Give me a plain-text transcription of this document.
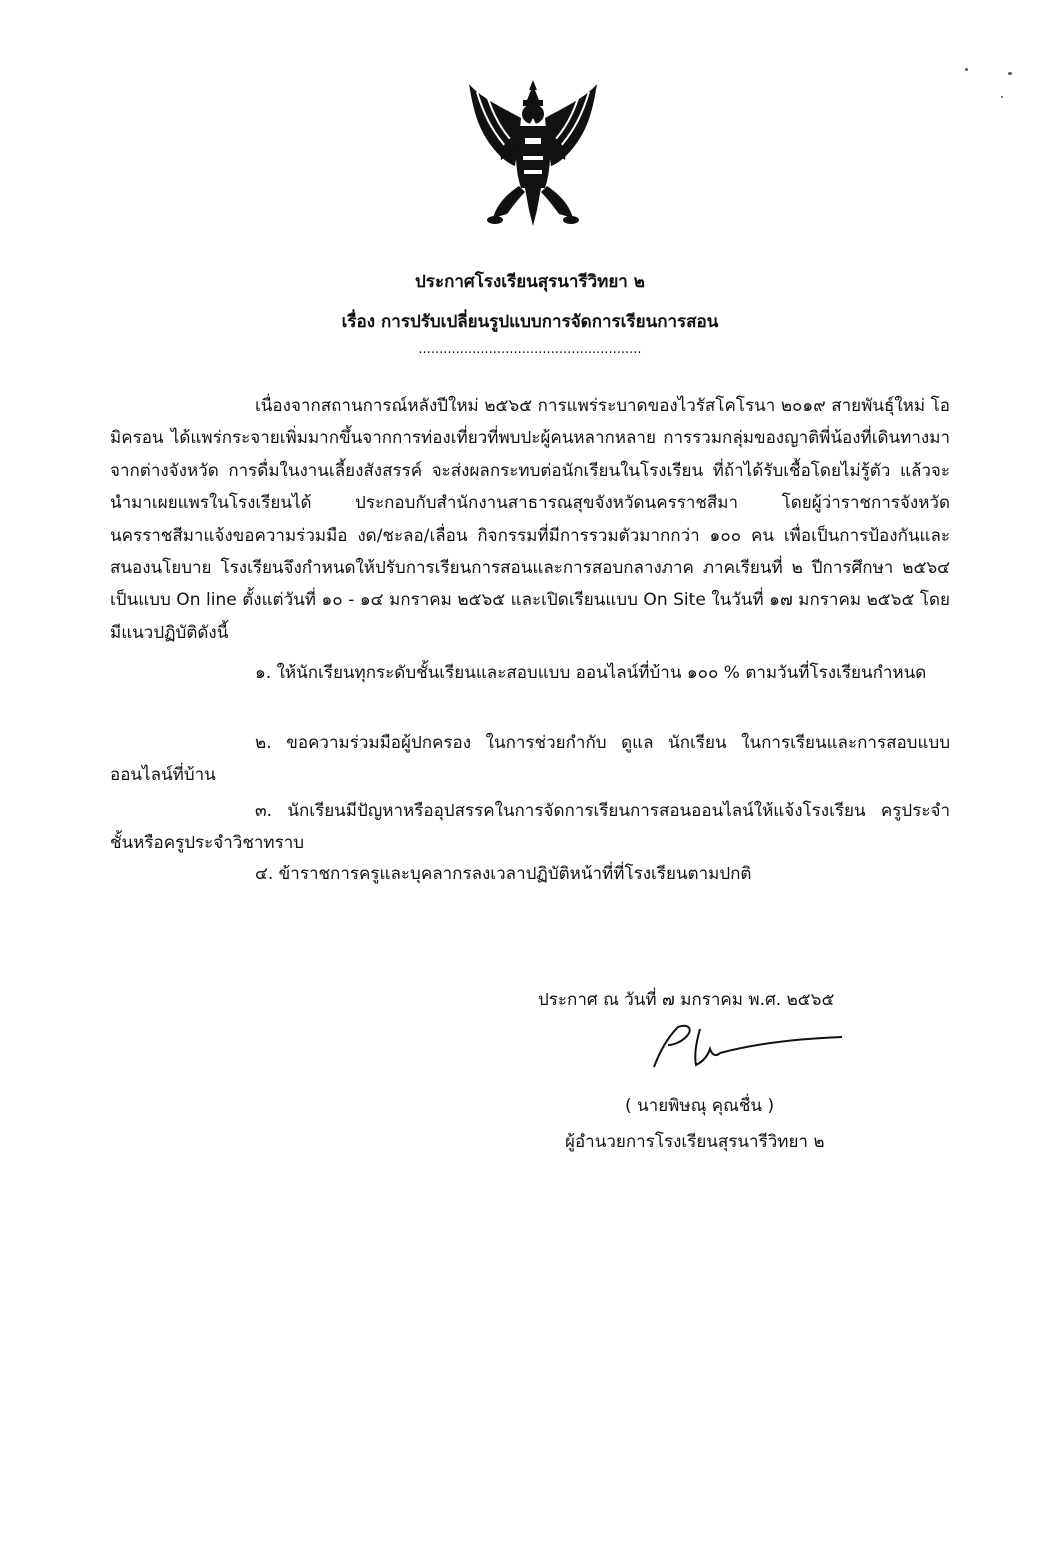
ประกาศโรงเรียนสุรนารีวิทยา ๒
เรื่อง การปรับเปลี่ยนรูปแบบการจัดการเรียนการสอน
......................................................
เนื่องจากสถานการณ์หลังปีใหม่ ๒๕๖๕ การแพร่ระบาดของไวรัสโคโรนา ๒๐๑๙ สายพันธุ์ใหม่ โอมิครอน ได้แพร่กระจายเพิ่มมากขึ้นจากการท่องเที่ยวที่พบปะผู้คนหลากหลาย การรวมกลุ่มของญาติพี่น้องที่เดินทางมาจากต่างจังหวัด การดื่มในงานเลี้ยงสังสรรค์ จะส่งผลกระทบต่อนักเรียนในโรงเรียน ที่ถ้าได้รับเชื้อโดยไม่รู้ตัว แล้วจะนำมาเผยแพรในโรงเรียนได้ ประกอบกับสำนักงานสาธารณสุขจังหวัดนครราชสีมา โดยผู้ว่าราชการจังหวัดนครราชสีมาแจ้งขอความร่วมมือ งด/ชะลอ/เลื่อน กิจกรรมที่มีการรวมตัวมากกว่า ๑๐๐ คน เพื่อเป็นการป้องกันและสนองนโยบาย โรงเรียนจึงกำหนดให้ปรับการเรียนการสอนและการสอบกลางภาค ภาคเรียนที่ ๒ ปีการศึกษา ๒๕๖๔ เป็นแบบ On line ตั้งแต่วันที่ ๑๐ - ๑๔ มกราคม ๒๕๖๕ และเปิดเรียนแบบ On Site ในวันที่ ๑๗ มกราคม ๒๕๖๕ โดยมีแนวปฏิบัติดังนี้
๑. ให้นักเรียนทุกระดับชั้นเรียนและสอบแบบ ออนไลน์ที่บ้าน ๑๐๐ % ตามวันที่โรงเรียนกำหนด
๒. ขอความร่วมมือผู้ปกครอง ในการช่วยกำกับ ดูแล นักเรียน ในการเรียนและการสอบแบบออนไลน์ที่บ้าน
๓. นักเรียนมีปัญหาหรืออุปสรรคในการจัดการเรียนการสอนออนไลน์ให้แจ้งโรงเรียน ครูประจำชั้นหรือครูประจำวิชาทราบ
๔. ข้าราชการครูและบุคลากรลงเวลาปฏิบัติหน้าที่ที่โรงเรียนตามปกติ
ประกาศ ณ วันที่ ๗ มกราคม พ.ศ. ๒๕๖๕
( นายพิษณุ คุณชื่น )
ผู้อำนวยการโรงเรียนสุรนารีวิทยา ๒
